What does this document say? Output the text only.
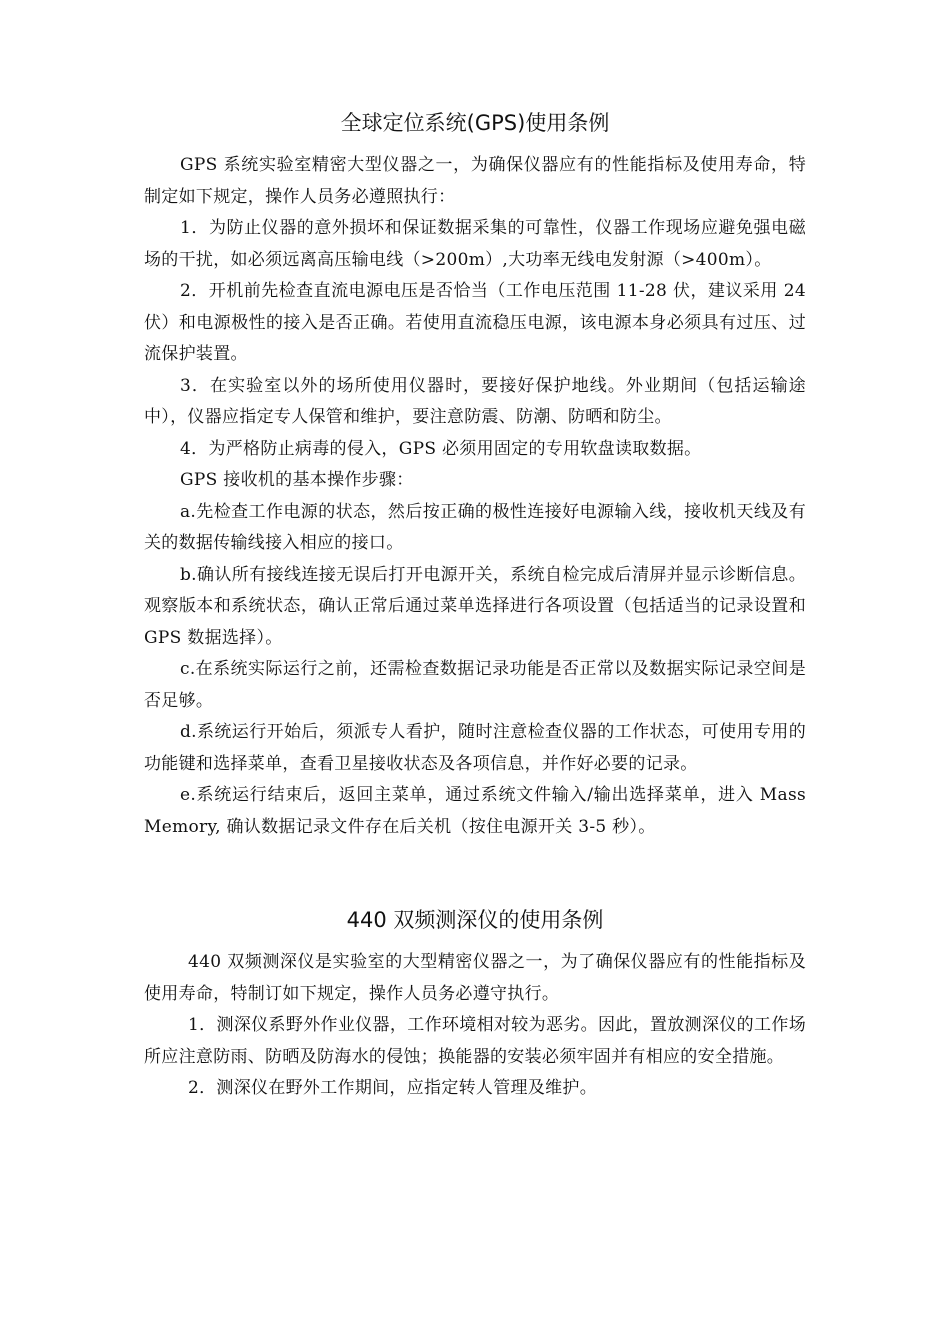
全球定位系统(GPS)使用条例

GPS 系统实验室精密大型仪器之一，为确保仪器应有的性能指标及使用寿命，特制定如下规定，操作人员务必遵照执行：

1．为防止仪器的意外损坏和保证数据采集的可靠性，仪器工作现场应避免强电磁场的干扰，如必须远离高压输电线（>200m）,大功率无线电发射源（>400m）。

2．开机前先检查直流电源电压是否恰当（工作电压范围 11-28 伏，建议采用 24 伏）和电源极性的接入是否正确。若使用直流稳压电源，该电源本身必须具有过压、过流保护装置。

3．在实验室以外的场所使用仪器时，要接好保护地线。外业期间（包括运输途中），仪器应指定专人保管和维护，要注意防震、防潮、防晒和防尘。

4．为严格防止病毒的侵入，GPS 必须用固定的专用软盘读取数据。

GPS 接收机的基本操作步骤：

a.先检查工作电源的状态，然后按正确的极性连接好电源输入线，接收机天线及有关的数据传输线接入相应的接口。

b.确认所有接线连接无误后打开电源开关，系统自检完成后清屏并显示诊断信息。观察版本和系统状态，确认正常后通过菜单选择进行各项设置（包括适当的记录设置和 GPS 数据选择）。

c.在系统实际运行之前，还需检查数据记录功能是否正常以及数据实际记录空间是否足够。

d.系统运行开始后，须派专人看护，随时注意检查仪器的工作状态，可使用专用的功能键和选择菜单，查看卫星接收状态及各项信息，并作好必要的记录。

e.系统运行结束后，返回主菜单，通过系统文件输入/输出选择菜单，进入 Mass Memory, 确认数据记录文件存在后关机（按住电源开关 3-5 秒）。

440 双频测深仪的使用条例

440 双频测深仪是实验室的大型精密仪器之一，为了确保仪器应有的性能指标及使用寿命，特制订如下规定，操作人员务必遵守执行。

1．测深仪系野外作业仪器，工作环境相对较为恶劣。因此，置放测深仪的工作场所应注意防雨、防晒及防海水的侵蚀；换能器的安装必须牢固并有相应的安全措施。

2．测深仪在野外工作期间，应指定转人管理及维护。
